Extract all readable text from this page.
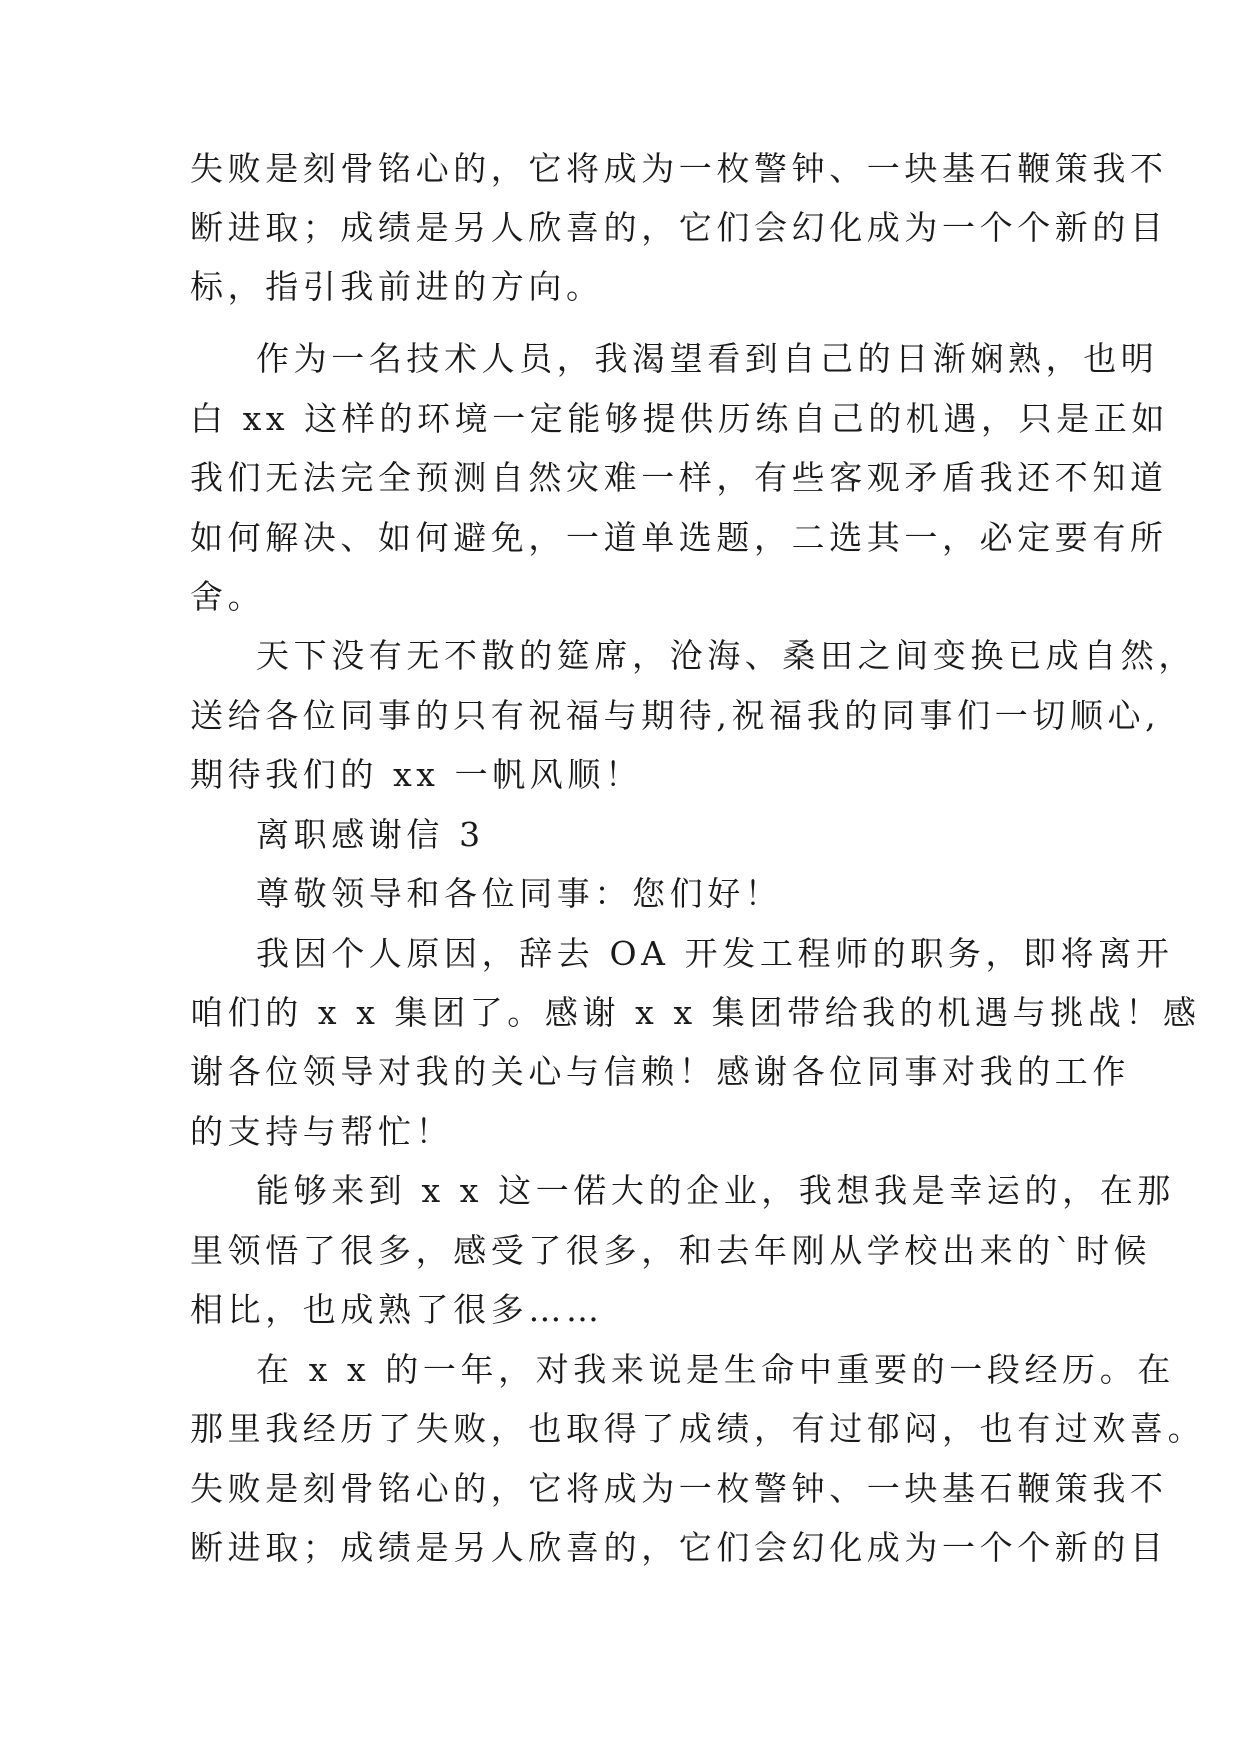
失败是刻骨铭心的，它将成为一枚警钟、一块基石鞭策我不
断进取；成绩是另人欣喜的，它们会幻化成为一个个新的目
标，指引我前进的方向。
作为一名技术人员，我渴望看到自己的日渐娴熟，也明
白 xx 这样的环境一定能够提供历练自己的机遇，只是正如
我们无法完全预测自然灾难一样，有些客观矛盾我还不知道
如何解决、如何避免，一道单选题，二选其一，必定要有所
舍。
天下没有无不散的筵席，沧海、桑田之间变换已成自然，
送给各位同事的只有祝福与期待,祝福我的同事们一切顺心,
期待我们的 xx 一帆风顺！
离职感谢信 3
尊敬领导和各位同事：您们好！
我因个人原因，辞去 OA 开发工程师的职务，即将离开
咱们的 x x 集团了。感谢 x x 集团带给我的机遇与挑战！感
谢各位领导对我的关心与信赖！感谢各位同事对我的工作
的支持与帮忙！
能够来到 x x 这一偌大的企业，我想我是幸运的，在那
里领悟了很多，感受了很多，和去年刚从学校出来的`时候
相比，也成熟了很多……
在 x x 的一年，对我来说是生命中重要的一段经历。在
那里我经历了失败，也取得了成绩，有过郁闷，也有过欢喜。
失败是刻骨铭心的，它将成为一枚警钟、一块基石鞭策我不
断进取；成绩是另人欣喜的，它们会幻化成为一个个新的目
